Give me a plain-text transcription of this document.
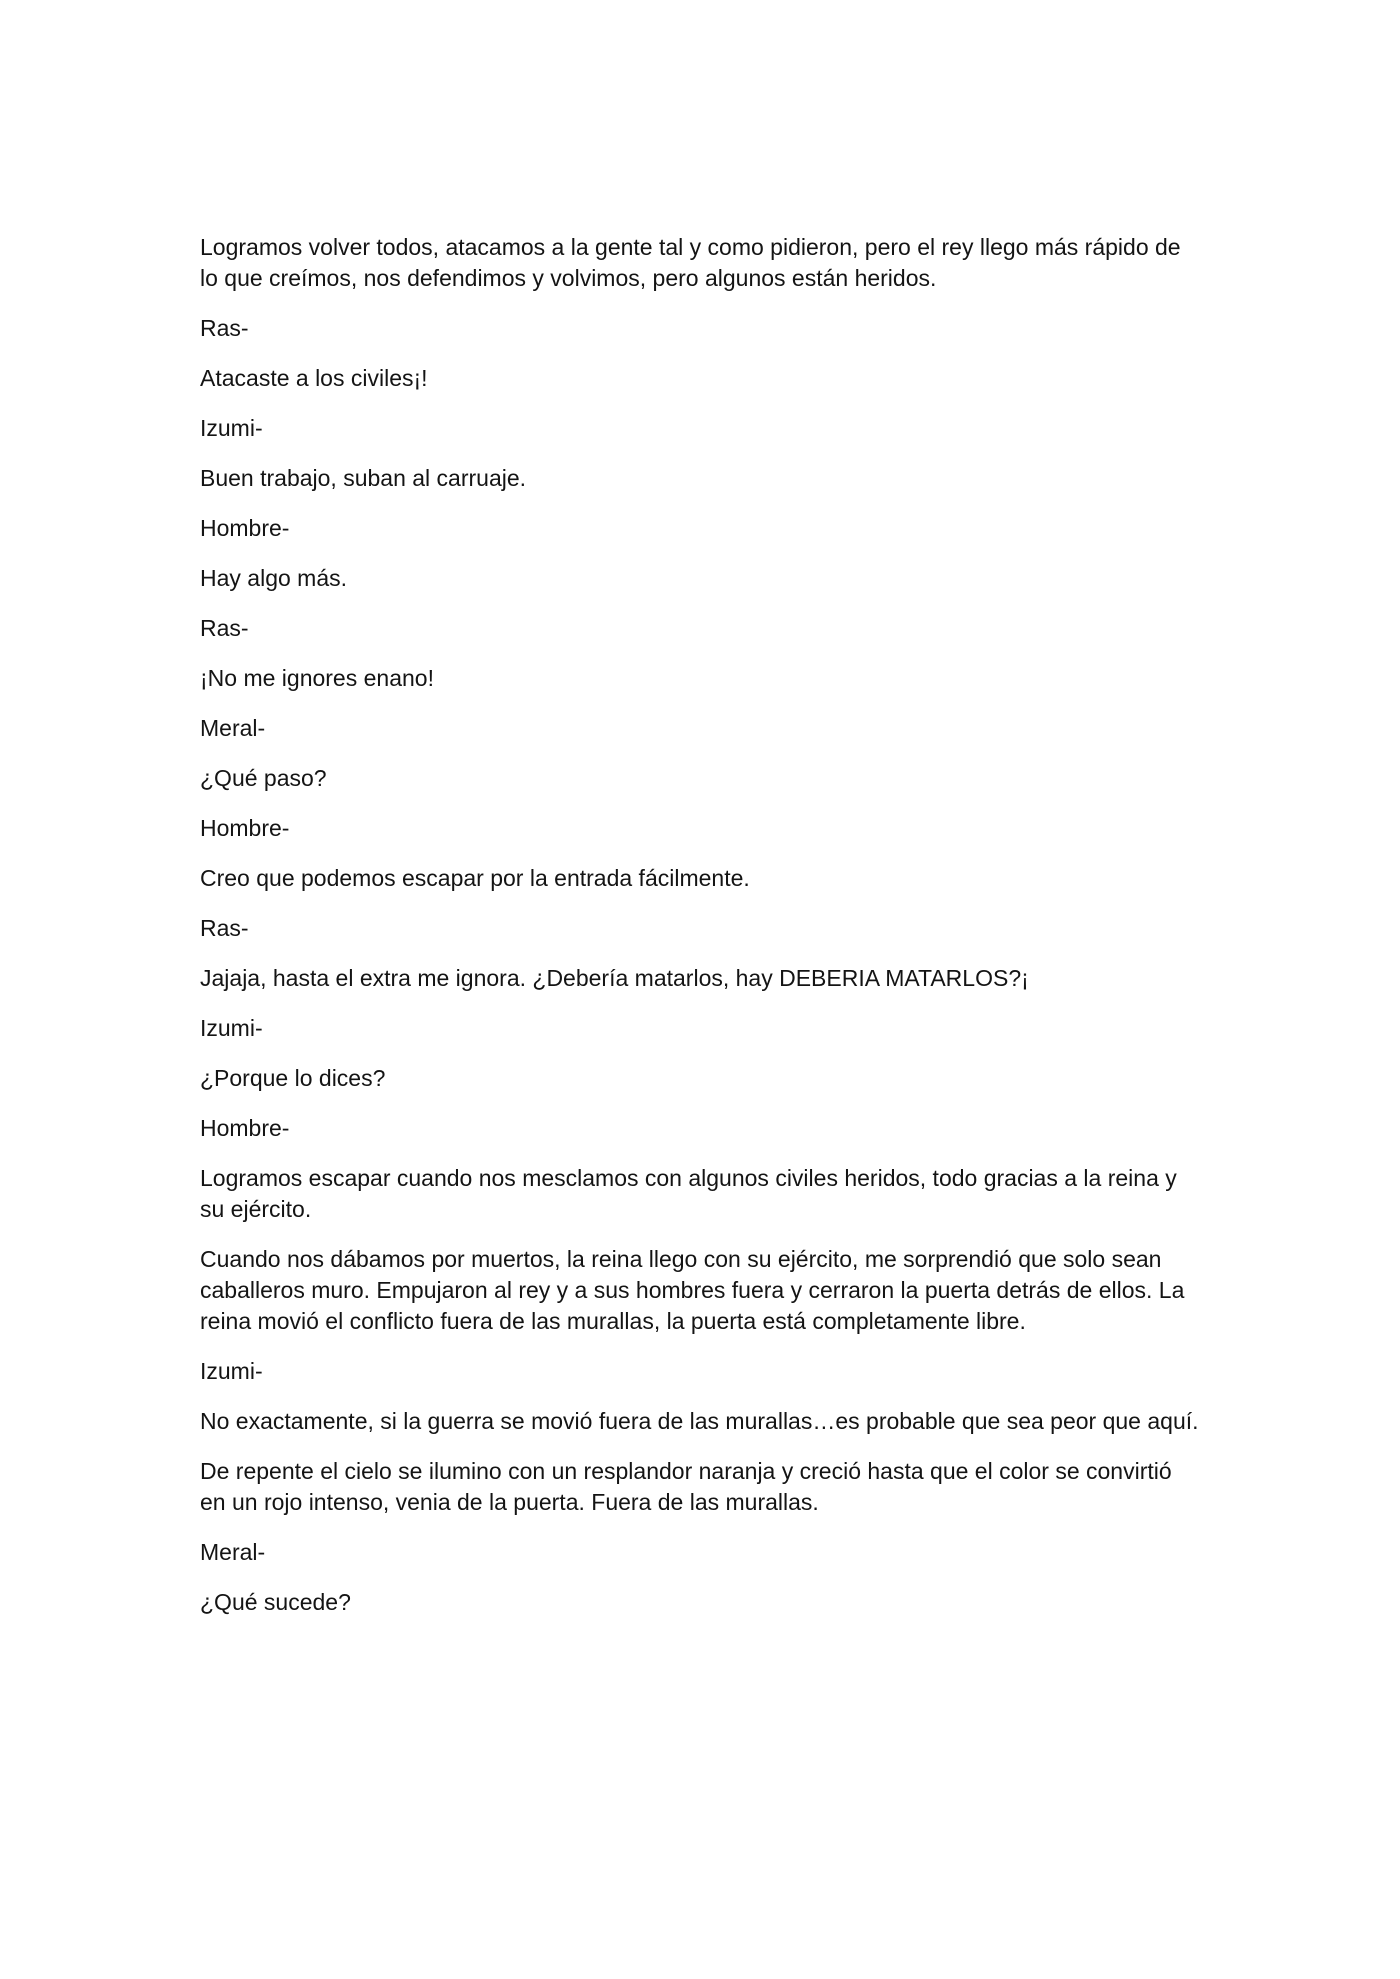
Logramos volver todos, atacamos a la gente tal y como pidieron, pero el rey llego más rápido de lo que creímos, nos defendimos y volvimos, pero algunos están heridos.

Ras-

Atacaste a los civiles¡!

Izumi-

Buen trabajo, suban al carruaje.

Hombre-

Hay algo más.

Ras-

¡No me ignores enano!

Meral-

¿Qué paso?

Hombre-

Creo que podemos escapar por la entrada fácilmente.

Ras-

Jajaja, hasta el extra me ignora. ¿Debería matarlos, hay DEBERIA MATARLOS?¡

Izumi-

¿Porque lo dices?

Hombre-

Logramos escapar cuando nos mesclamos con algunos civiles heridos, todo gracias a la reina y su ejército.

Cuando nos dábamos por muertos, la reina llego con su ejército, me sorprendió que solo sean caballeros muro. Empujaron al rey y a sus hombres fuera y cerraron la puerta detrás de ellos. La reina movió el conflicto fuera de las murallas, la puerta está completamente libre.

Izumi-

No exactamente, si la guerra se movió fuera de las murallas…es probable que sea peor que aquí.

De repente el cielo se ilumino con un resplandor naranja y creció hasta que el color se convirtió en un rojo intenso, venia de la puerta. Fuera de las murallas.

Meral-

¿Qué sucede?
